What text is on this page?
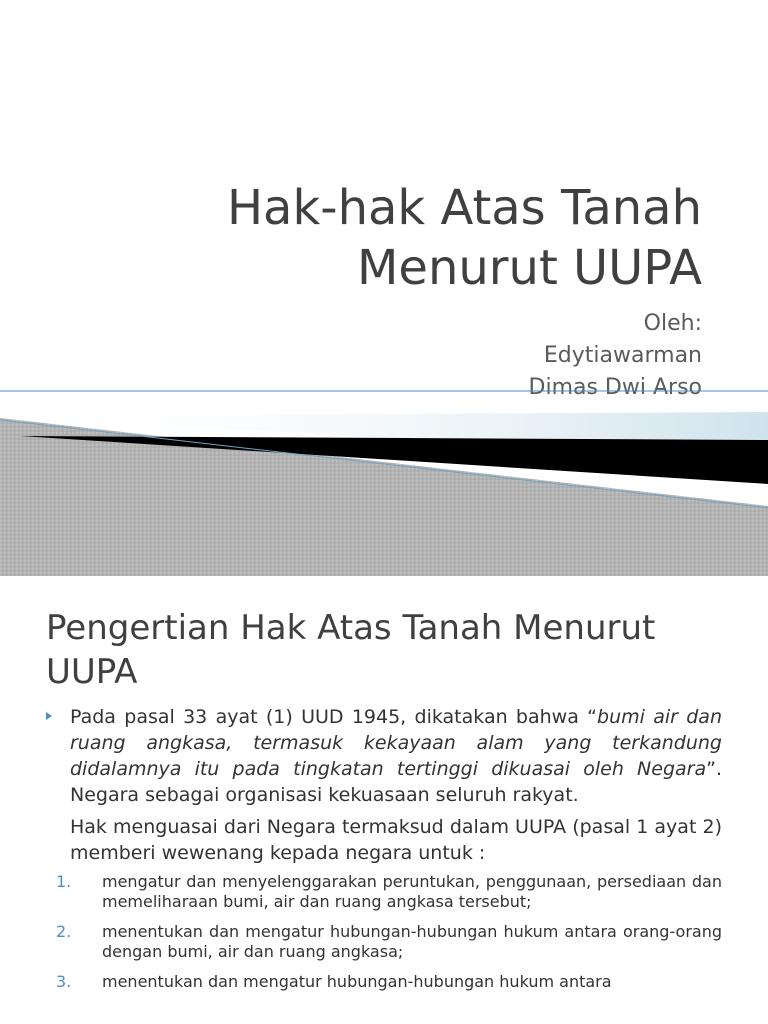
Hak-hak Atas Tanah
Menurut UUPA
Oleh:
Edytiawarman
Dimas Dwi Arso
Pengertian Hak Atas Tanah Menurut
UUPA

Pada pasal 33 ayat (1) UUD 1945, dikatakan bahwa “bumi air dan ruang angkasa, termasuk kekayaan alam yang terkandung didalamnya itu pada tingkatan tertinggi dikuasai oleh Negara”. Negara sebagai organisasi kekuasaan seluruh rakyat.

Hak menguasai dari Negara termaksud dalam UUPA (pasal 1 ayat 2) memberi wewenang kepada negara untuk :

1. mengatur dan menyelenggarakan peruntukan, penggunaan, persediaan dan memeliharaan bumi, air dan ruang angkasa tersebut;
2. menentukan dan mengatur hubungan-hubungan hukum antara orang-orang dengan bumi, air dan ruang angkasa;
3. menentukan dan mengatur hubungan-hubungan hukum antara
